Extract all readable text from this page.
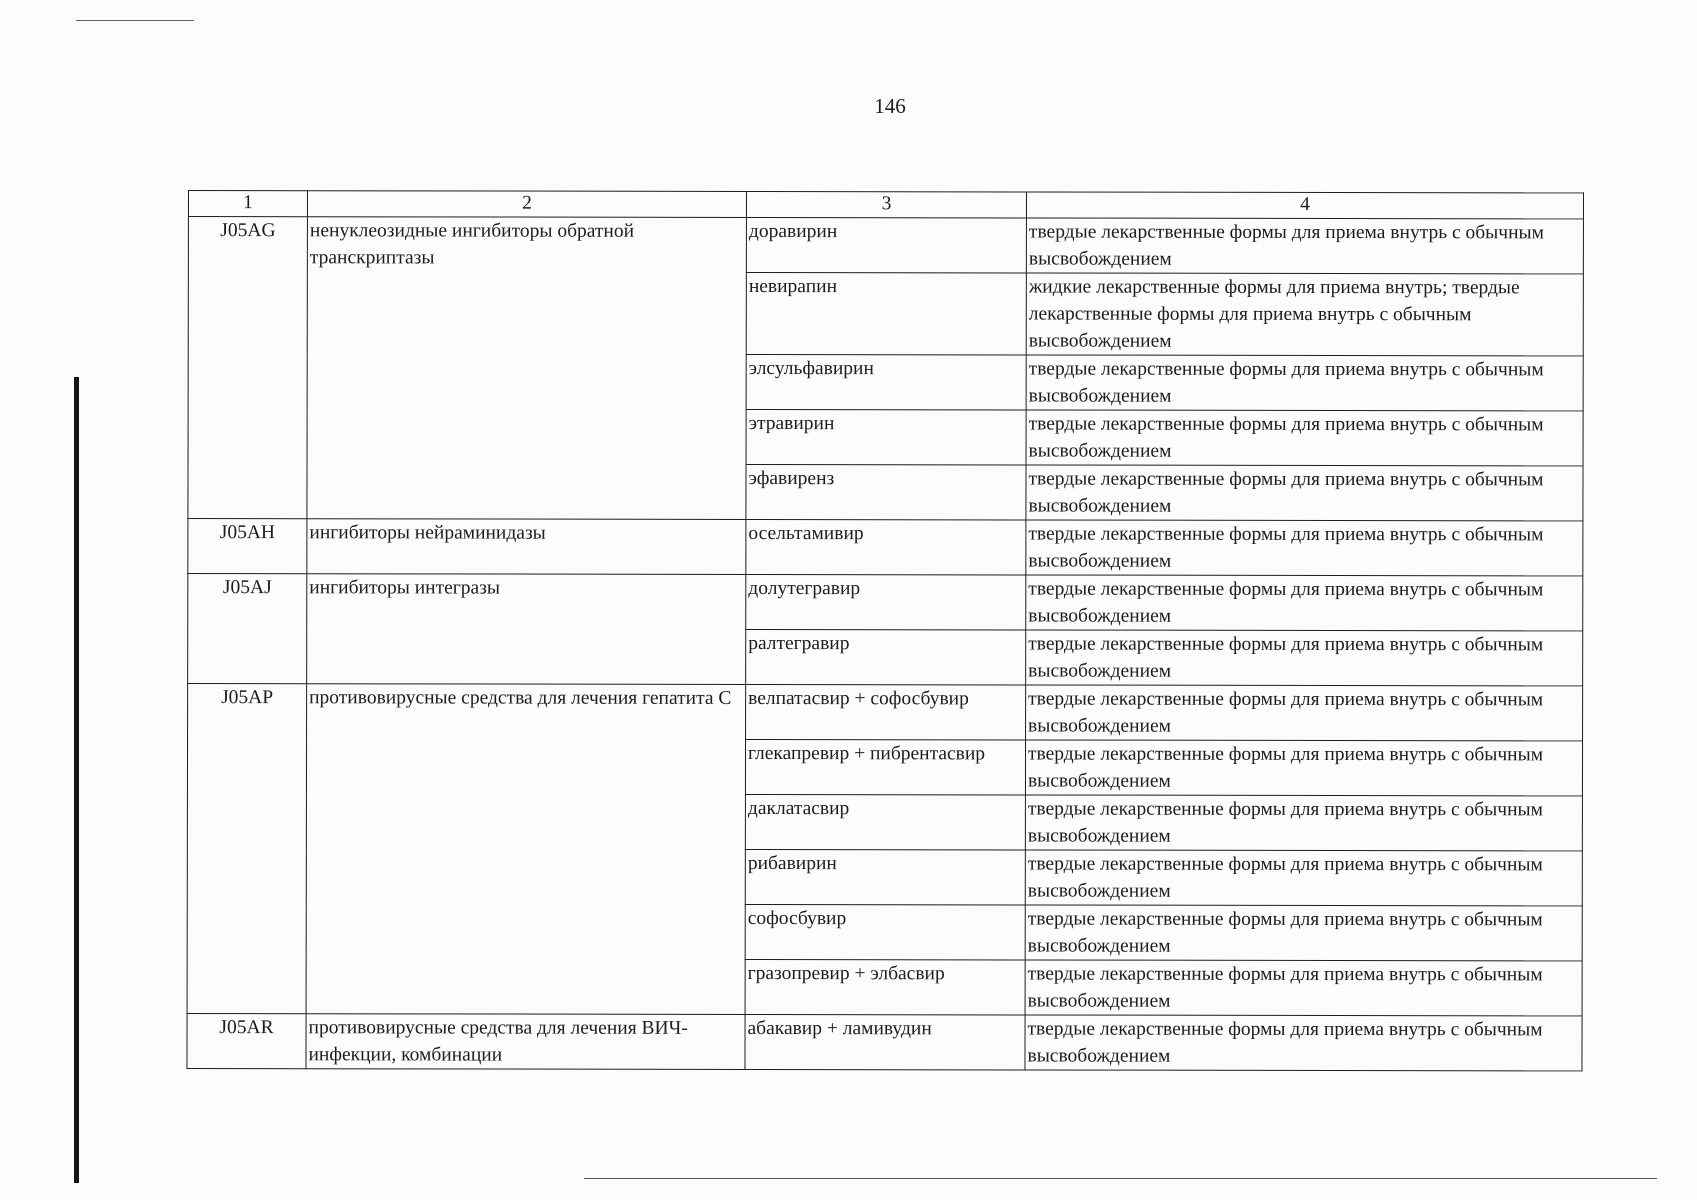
146
1	2	3	4
J05AG	ненуклеозидные ингибиторы обратной транскриптазы	доравирин	твердые лекарственные формы для приема внутрь с обычным высвобождением
		невирапин	жидкие лекарственные формы для приема внутрь; твердые лекарственные формы для приема внутрь с обычным высвобождением
		элсульфавирин	твердые лекарственные формы для приема внутрь с обычным высвобождением
		этравирин	твердые лекарственные формы для приема внутрь с обычным высвобождением
		эфавиренз	твердые лекарственные формы для приема внутрь с обычным высвобождением
J05AH	ингибиторы нейраминидазы	осельтамивир	твердые лекарственные формы для приема внутрь с обычным высвобождением
J05AJ	ингибиторы интегразы	долутегравир	твердые лекарственные формы для приема внутрь с обычным высвобождением
		ралтегравир	твердые лекарственные формы для приема внутрь с обычным высвобождением
J05AP	противовирусные средства для лечения гепатита С	велпатасвир + софосбувир	твердые лекарственные формы для приема внутрь с обычным высвобождением
		глекапревир + пибрентасвир	твердые лекарственные формы для приема внутрь с обычным высвобождением
		даклатасвир	твердые лекарственные формы для приема внутрь с обычным высвобождением
		рибавирин	твердые лекарственные формы для приема внутрь с обычным высвобождением
		софосбувир	твердые лекарственные формы для приема внутрь с обычным высвобождением
		гразопревир + элбасвир	твердые лекарственные формы для приема внутрь с обычным высвобождением
J05AR	противовирусные средства для лечения ВИЧ-инфекции, комбинации	абакавир + ламивудин	твердые лекарственные формы для приема внутрь с обычным высвобождением
